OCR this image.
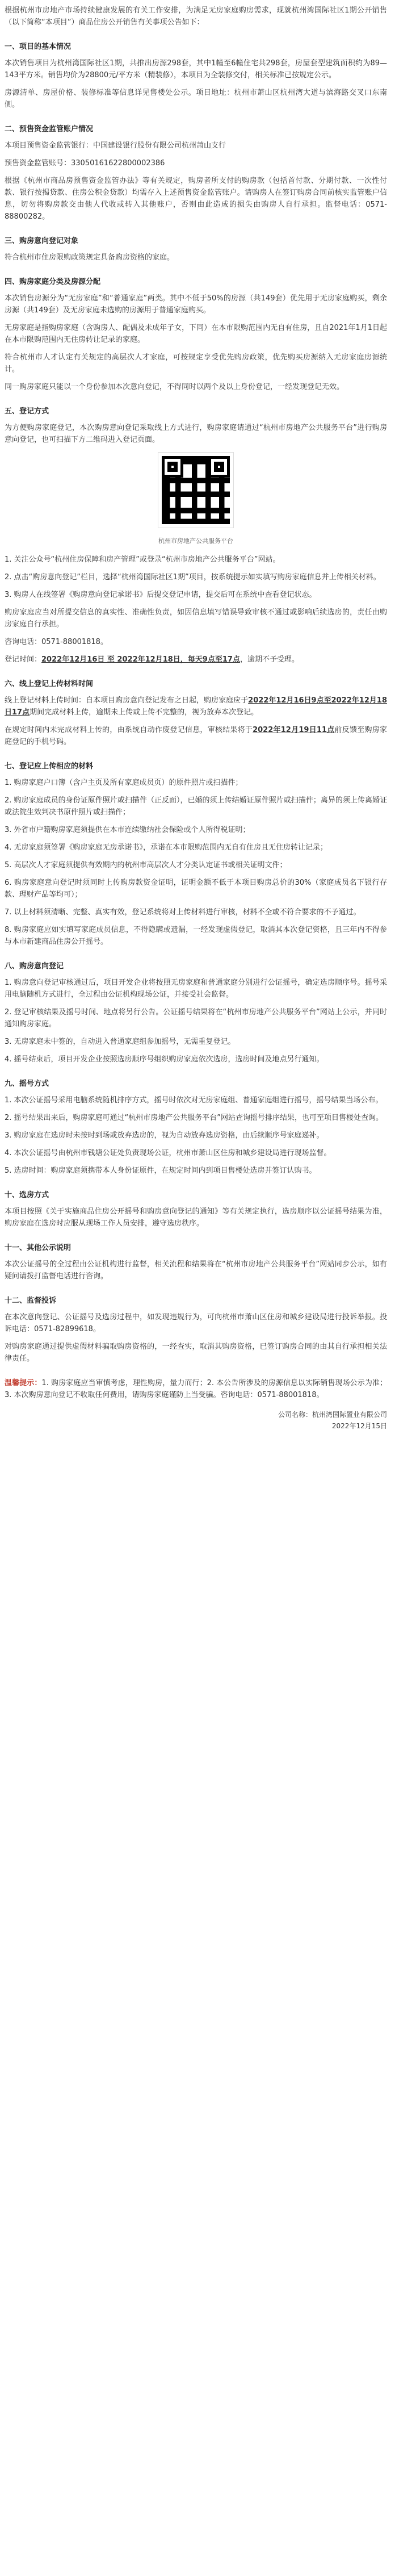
根据杭州市房地产市场持续健康发展的有关工作安排，为满足无房家庭购房需求，现就杭州湾国际社区1期公开销售（以下简称“本项目”）商品住房公开销售有关事项公告如下：

一、项目的基本情况

本次销售项目为杭州湾国际社区1期，共推出房源298套，其中1幢至6幢住宅共298套，房屋套型建筑面积约为89—143平方米。销售均价为28800元/平方米（精装修），本项目为全装修交付，相关标准已按规定公示。

房源清单、房屋价格、装修标准等信息详见售楼处公示。项目地址：杭州市萧山区杭州湾大道与滨海路交叉口东南侧。

二、预售资金监管账户情况

本项目预售资金监管银行：中国建设银行股份有限公司杭州萧山支行

预售资金监管账号：33050161622800002386

根据《杭州市商品房预售资金监管办法》等有关规定，购房者所支付的购房款（包括首付款、分期付款、一次性付款、银行按揭贷款、住房公积金贷款）均需存入上述预售资金监管账户。请购房人在签订购房合同前核实监管账户信息，切勿将购房款交由他人代收或转入其他账户，否则由此造成的损失由购房人自行承担。监督电话：0571-88800282。

三、购房意向登记对象

符合杭州市住房限购政策规定具备购房资格的家庭。

四、购房家庭分类及房源分配

本次销售房源分为“无房家庭”和“普通家庭”两类。其中不低于50%的房源（共149套）优先用于无房家庭购买，剩余房源（共149套）及无房家庭未选购的房源用于普通家庭购买。

无房家庭是指购房家庭（含购房人、配偶及未成年子女，下同）在本市限购范围内无自有住房，且自2021年1月1日起在本市限购范围内无住房转让记录的家庭。

符合杭州市人才认定有关规定的高层次人才家庭，可按规定享受优先购房政策，优先购买房源纳入无房家庭房源统计。

同一购房家庭只能以一个身份参加本次意向登记，不得同时以两个及以上身份登记，一经发现登记无效。

五、登记方式

为方便购房家庭登记，本次购房意向登记采取线上方式进行，购房家庭请通过“杭州市房地产公共服务平台”进行购房意向登记，也可扫描下方二维码进入登记页面。

杭州市房地产公共服务平台

1. 关注公众号“杭州住房保障和房产管理”或登录“杭州市房地产公共服务平台”网站。

2. 点击“购房意向登记”栏目，选择“杭州湾国际社区1期”项目，按系统提示如实填写购房家庭信息并上传相关材料。

3. 购房人在线签署《购房意向登记承诺书》后提交登记申请，提交后可在系统中查看登记状态。

购房家庭应当对所提交信息的真实性、准确性负责，如因信息填写错误导致审核不通过或影响后续选房的，责任由购房家庭自行承担。

咨询电话：0571-88001818。

登记时间：2022年12月16日 至 2022年12月18日，每天9点至17点，逾期不予受理。

六、线上登记上传材料时间

线上登记材料上传时间：自本项目购房意向登记发布之日起，购房家庭应于2022年12月16日9点至2022年12月18日17点期间完成材料上传，逾期未上传或上传不完整的，视为放弃本次登记。

在规定时间内未完成材料上传的，由系统自动作废登记信息，审核结果将于2022年12月19日11点前反馈至购房家庭登记的手机号码。

七、登记应上传相应的材料

1. 购房家庭户口簿（含户主页及所有家庭成员页）的原件照片或扫描件；

2. 购房家庭成员的身份证原件照片或扫描件（正反面），已婚的须上传结婚证原件照片或扫描件；离异的须上传离婚证或法院生效判决书原件照片或扫描件；

3. 外省市户籍购房家庭须提供在本市连续缴纳社会保险或个人所得税证明；

4. 无房家庭须签署《购房家庭无房承诺书》，承诺在本市限购范围内无自有住房且无住房转让记录；

5. 高层次人才家庭须提供有效期内的杭州市高层次人才分类认定证书或相关证明文件；

6. 购房家庭意向登记时须同时上传购房款资金证明，证明金额不低于本项目购房总价的30%（家庭成员名下银行存款、理财产品等均可）；

7. 以上材料须清晰、完整、真实有效，登记系统将对上传材料进行审核，材料不全或不符合要求的不予通过。

8. 购房家庭应如实填写家庭成员信息，不得隐瞒或遗漏，一经发现虚假登记，取消其本次登记资格，且三年内不得参与本市新建商品住房公开摇号。

八、购房意向登记

1. 购房意向登记审核通过后，项目开发企业将按照无房家庭和普通家庭分别进行公证摇号，确定选房顺序号。摇号采用电脑随机方式进行，全过程由公证机构现场公证，并接受社会监督。

2. 登记审核结果及摇号时间、地点将另行公告。公证摇号结果将在“杭州市房地产公共服务平台”网站上公示，并同时通知购房家庭。

3. 无房家庭未中签的，自动进入普通家庭组参加摇号，无需重复登记。

4. 摇号结束后，项目开发企业按照选房顺序号组织购房家庭依次选房，选房时间及地点另行通知。

九、摇号方式

1. 本次公证摇号采用电脑系统随机排序方式，摇号时依次对无房家庭组、普通家庭组进行摇号，摇号结果当场公布。

2. 摇号结果出来后，购房家庭可通过“杭州市房地产公共服务平台”网站查询摇号排序结果，也可至项目售楼处查询。

3. 购房家庭在选房时未按时到场或放弃选房的，视为自动放弃选房资格，由后续顺序号家庭递补。

4. 本次公证摇号由杭州市钱塘公证处负责现场公证，杭州市萧山区住房和城乡建设局进行现场监督。

5. 选房时间：购房家庭须携带本人身份证原件，在规定时间内到项目售楼处选房并签订认购书。

十、选房方式

本项目按照《关于实施商品住房公开摇号和购房意向登记的通知》等有关规定执行，选房顺序以公证摇号结果为准，购房家庭在选房时应服从现场工作人员安排，遵守选房秩序。

十一、其他公示说明

本次公证摇号的全过程由公证机构进行监督，相关流程和结果将在“杭州市房地产公共服务平台”网站同步公示，如有疑问请拨打监督电话进行咨询。

十二、监督投诉

在本次意向登记、公证摇号及选房过程中，如发现违规行为，可向杭州市萧山区住房和城乡建设局进行投诉举报。投诉电话：0571-82899618。

对购房家庭通过提供虚假材料骗取购房资格的，一经查实，取消其购房资格，已签订购房合同的由其自行承担相关法律责任。

温馨提示：1. 购房家庭应当审慎考虑，理性购房，量力而行；2. 本公告所涉及的房源信息以实际销售现场公示为准；3. 本次购房意向登记不收取任何费用，请购房家庭谨防上当受骗。咨询电话：0571-88001818。

公司名称：杭州湾国际置业有限公司
2022年12月15日
